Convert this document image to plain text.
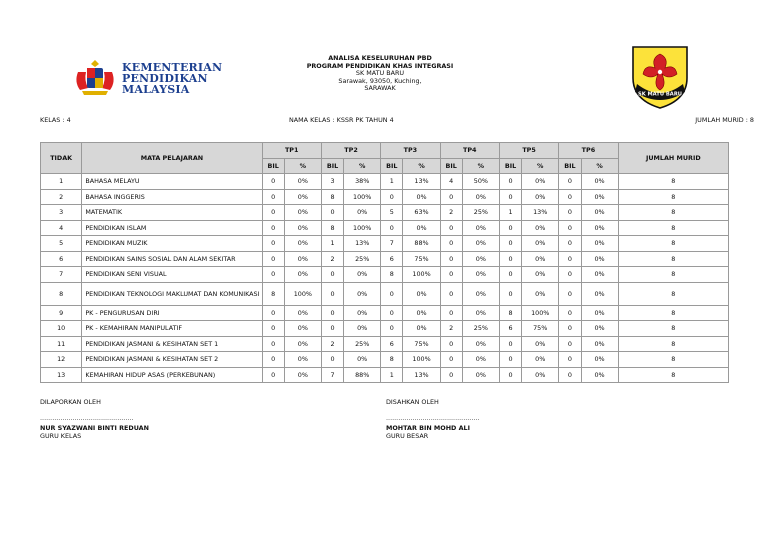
KEMENTERIAN
PENDIDIKAN
MALAYSIA	SK MATU BARU
ANALISA KESELURUHAN PBD
PROGRAM PENDIDIKAN KHAS INTEGRASI
SK MATU BARU
Sarawak, 93050, Kuching,
SARAWAK
KELAS : 4	NAMA KELAS : KSSR PK TAHUN 4	JUMLAH MURID : 8
TIDAK	MATA PELAJARAN	TP1		TP2		TP3		TP4		TP5		TP6		JUMLAH MURID
		BIL	%	BIL	%	BIL	%	BIL	%	BIL	%	BIL	%	
1	BAHASA MELAYU	0	0%	3	38%	1	13%	4	50%	0	0%	0	0%	8
2	BAHASA INGGERIS	0	0%	8	100%	0	0%	0	0%	0	0%	0	0%	8
3	MATEMATIK	0	0%	0	0%	5	63%	2	25%	1	13%	0	0%	8
4	PENDIDIKAN ISLAM	0	0%	8	100%	0	0%	0	0%	0	0%	0	0%	8
5	PENDIDIKAN MUZIK	0	0%	1	13%	7	88%	0	0%	0	0%	0	0%	8
6	PENDIDIKAN SAINS SOSIAL DAN ALAM SEKITAR	0	0%	2	25%	6	75%	0	0%	0	0%	0	0%	8
7	PENDIDIKAN SENI VISUAL	0	0%	0	0%	8	100%	0	0%	0	0%	0	0%	8
8	PENDIDIKAN TEKNOLOGI MAKLUMAT DAN KOMUNIKASI	8	100%	0	0%	0	0%	0	0%	0	0%	0	0%	8
9	PK - PENGURUSAN DIRI	0	0%	0	0%	0	0%	0	0%	8	100%	0	0%	8
10	PK - KEMAHIRAN MANIPULATIF	0	0%	0	0%	0	0%	2	25%	6	75%	0	0%	8
11	PENDIDIKAN JASMANI & KESIHATAN SET 1	0	0%	2	25%	6	75%	0	0%	0	0%	0	0%	8
12	PENDIDIKAN JASMANI & KESIHATAN SET 2	0	0%	0	0%	8	100%	0	0%	0	0%	0	0%	8
13	KEMAHIRAN HIDUP ASAS (PERKEBUNAN)	0	0%	7	88%	1	13%	0	0%	0	0%	0	0%	8
DILAPORKAN OLEH
..............................................
NUR SYAZWANI BINTI REDUAN
GURU KELAS
DISAHKAN OLEH
..............................................
MOHTAR BIN MOHD ALI
GURU BESAR
